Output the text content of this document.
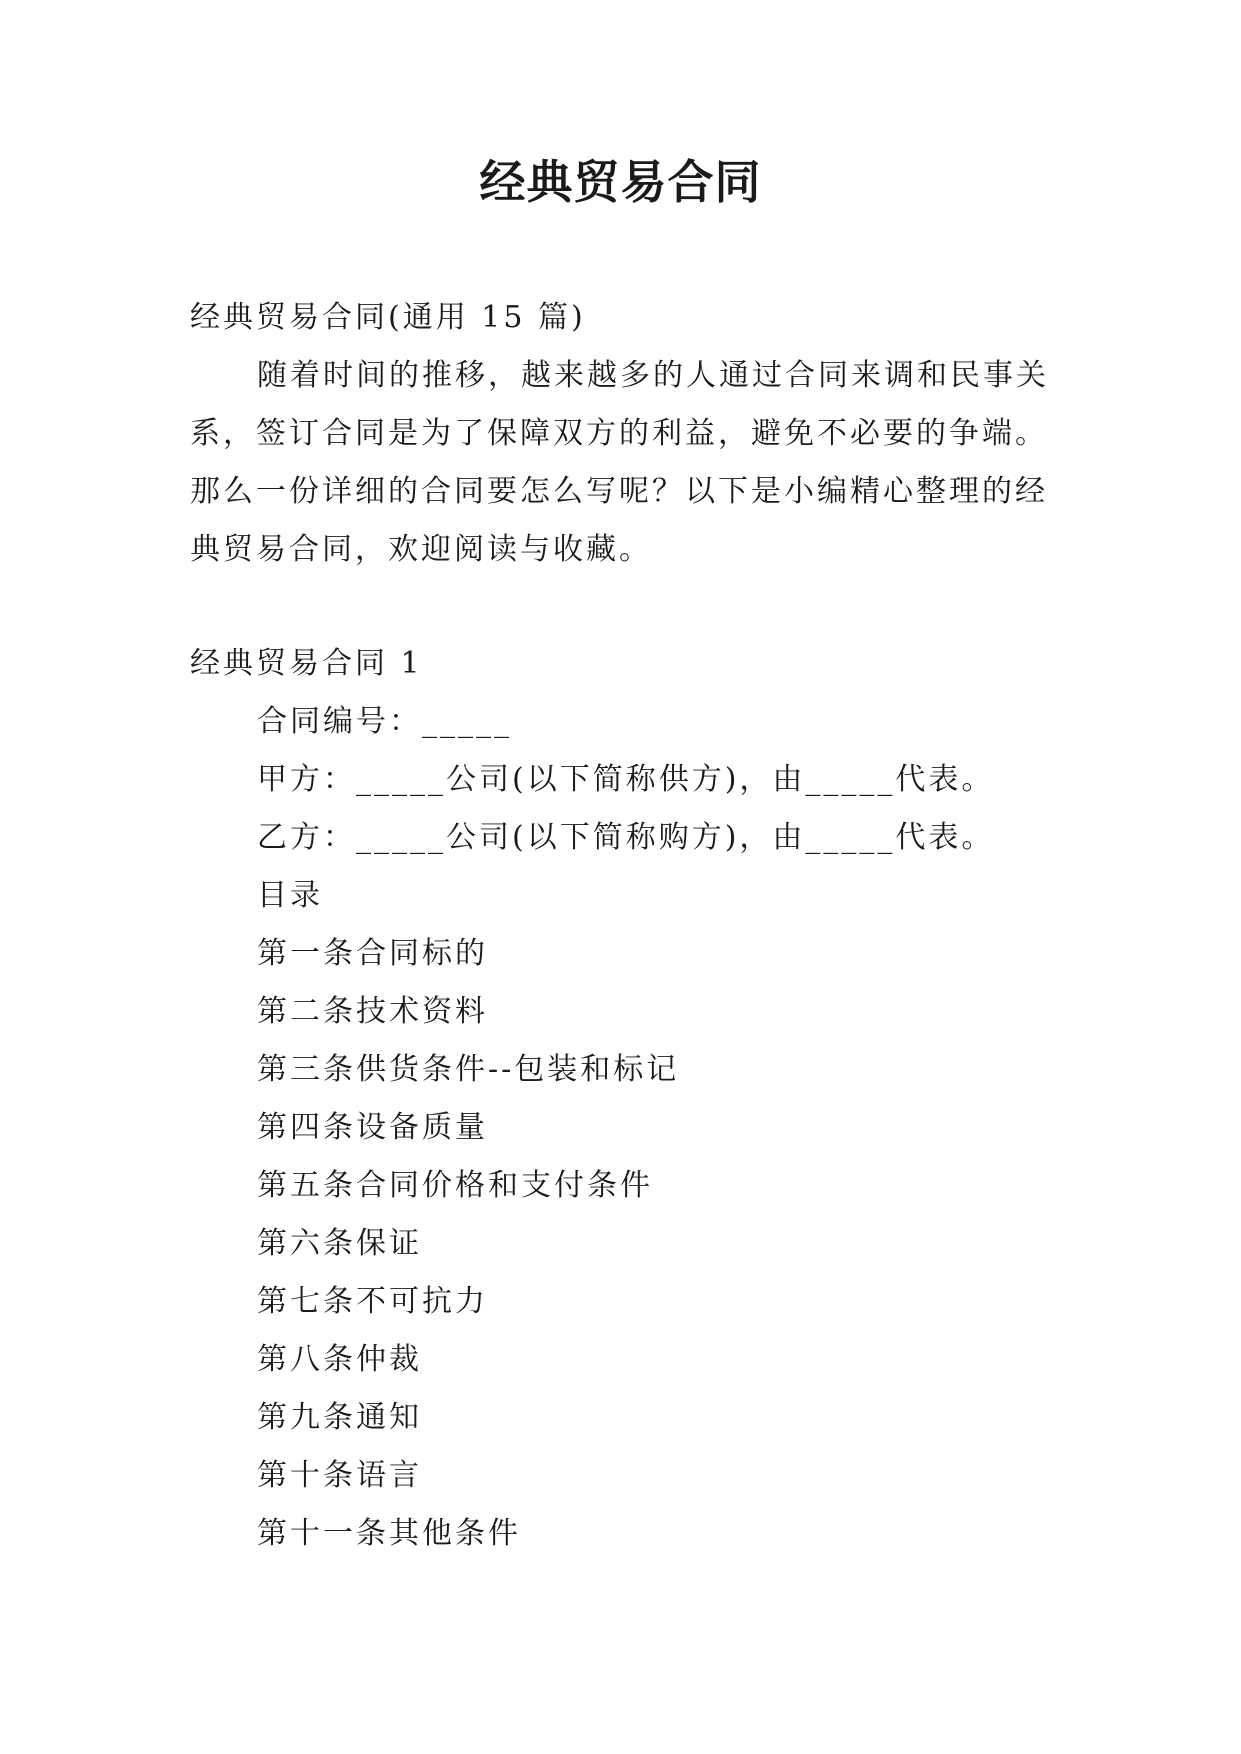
经典贸易合同
经典贸易合同(通用 15 篇)

随着时间的推移，越来越多的人通过合同来调和民事关系，签订合同是为了保障双方的利益，避免不必要的争端。那么一份详细的合同要怎么写呢？以下是小编精心整理的经典贸易合同，欢迎阅读与收藏。

经典贸易合同 1
合同编号：_____
甲方：_____公司(以下简称供方)，由_____代表。
乙方：_____公司(以下简称购方)，由_____代表。
目录
第一条合同标的
第二条技术资料
第三条供货条件--包装和标记
第四条设备质量
第五条合同价格和支付条件
第六条保证
第七条不可抗力
第八条仲裁
第九条通知
第十条语言
第十一条其他条件
